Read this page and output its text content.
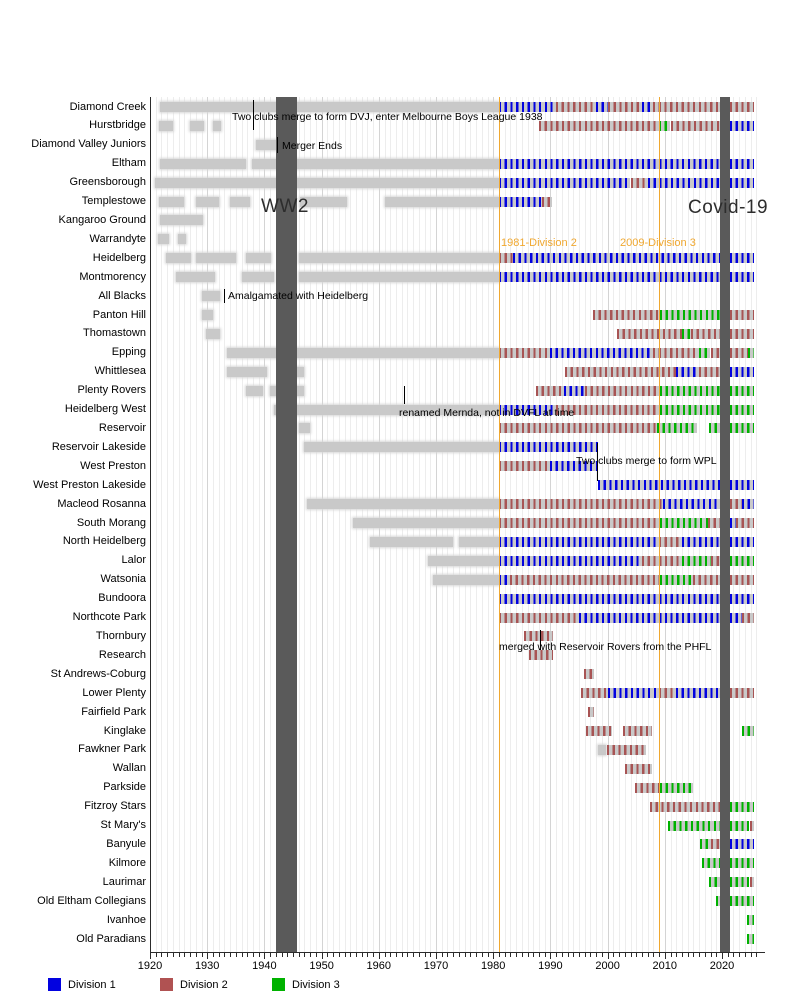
Diamond Creek
Hurstbridge
Diamond Valley Juniors
Eltham
Greensborough
Templestowe
Kangaroo Ground
Warrandyte
Heidelberg
Montmorency
All Blacks
Panton Hill
Thomastown
Epping
Whittlesea
Plenty Rovers
Heidelberg West
Reservoir
Reservoir Lakeside
West Preston
West Preston Lakeside
Macleod Rosanna
South Morang
North Heidelberg
Lalor
Watsonia
Bundoora
Northcote Park
Thornbury
Research
St Andrews-Coburg
Lower Plenty
Fairfield Park
Kinglake
Fawkner Park
Wallan
Parkside
Fitzroy Stars
St Mary's
Banyule
Kilmore
Laurimar
Old Eltham Collegians
Ivanhoe
Old Paradians
1981-Division 2	2009-Division 3
WW2	Covid-19
Two clubs merge to form DVJ, enter Melbourne Boys League 1938
Merger Ends
Amalgamated with Heidelberg
renamed Mernda, not in DVFL at time
Two clubs merge to form WPL
merged with Reservoir Rovers from the PHFL
1920	1930	1940	1950	1960	1970	1980	1990	2000	2010	2020
Division 1	Division 2	Division 3
